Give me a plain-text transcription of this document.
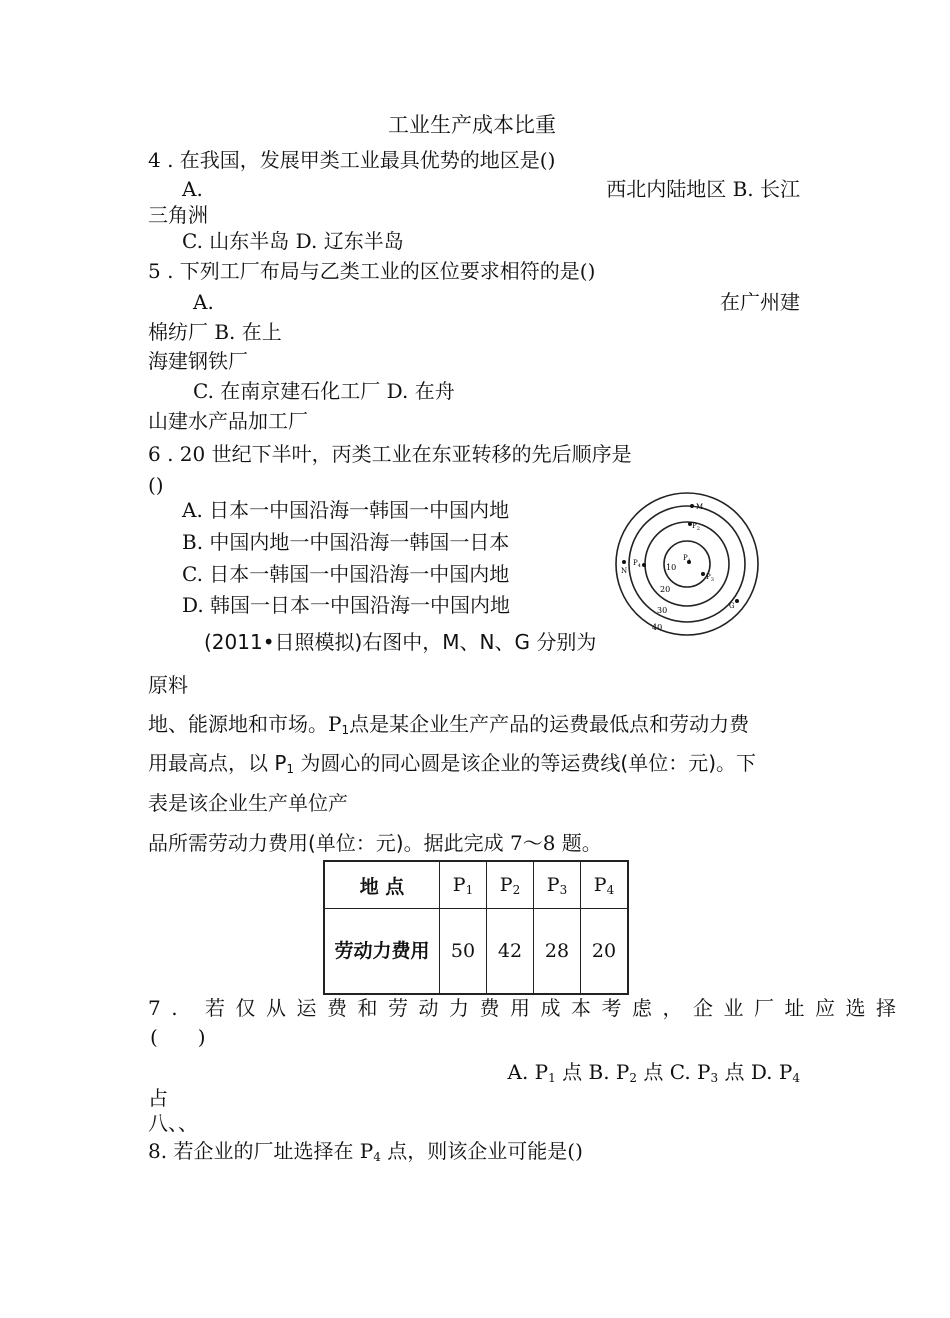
工业生产成本比重
4 . 在我国，发展甲类工业最具优势的地区是()
A.	西北内陆地区 B. 长江
三角洲
C. 山东半岛 D. 辽东半岛
5 . 下列工厂布局与乙类工业的区位要求相符的是()
A.	在广州建
棉纺厂 B. 在上
海建钢铁厂
C. 在南京建石化工厂 D. 在舟
山建水产品加工厂
6 . 20 世纪下半叶，丙类工业在东亚转移的先后顺序是
()
A. 日本一中国沿海一韩国一中国内地
B. 中国内地一中国沿海一韩国一日本
C. 日本一韩国一中国沿海一中国内地
D. 韩国一日本一中国沿海一中国内地
10
20
30
40
$P_1$
$P_3$
$P_2$
M
$P_4$
N
G
(2011•日照模拟)右图中，M、N、G 分别为
原料
地、能源地和市场。$P_1$点是某企业生产产品的运费最低点和劳动力费
用最高点，以 $P_1$ 为圆心的同心圆是该企业的等运费线(单位：元)。下
表是该企业生产单位产
品所需劳动力费用(单位：元)。据此完成 7〜8 题。
地 点	$P_1$	$P_2$	$P_3$	$P_4$
劳动力费用	50	42	28	20
7. 若仅从运费和劳动力费用成本考虑，企业厂址应选择
(　　)
A. $P_1$ 点 B. $P_2$ 点 C. $P_3$ 点 D. $P_4$
占
八、、
8. 若企业的厂址选择在 $P_4$ 点，则该企业可能是()
